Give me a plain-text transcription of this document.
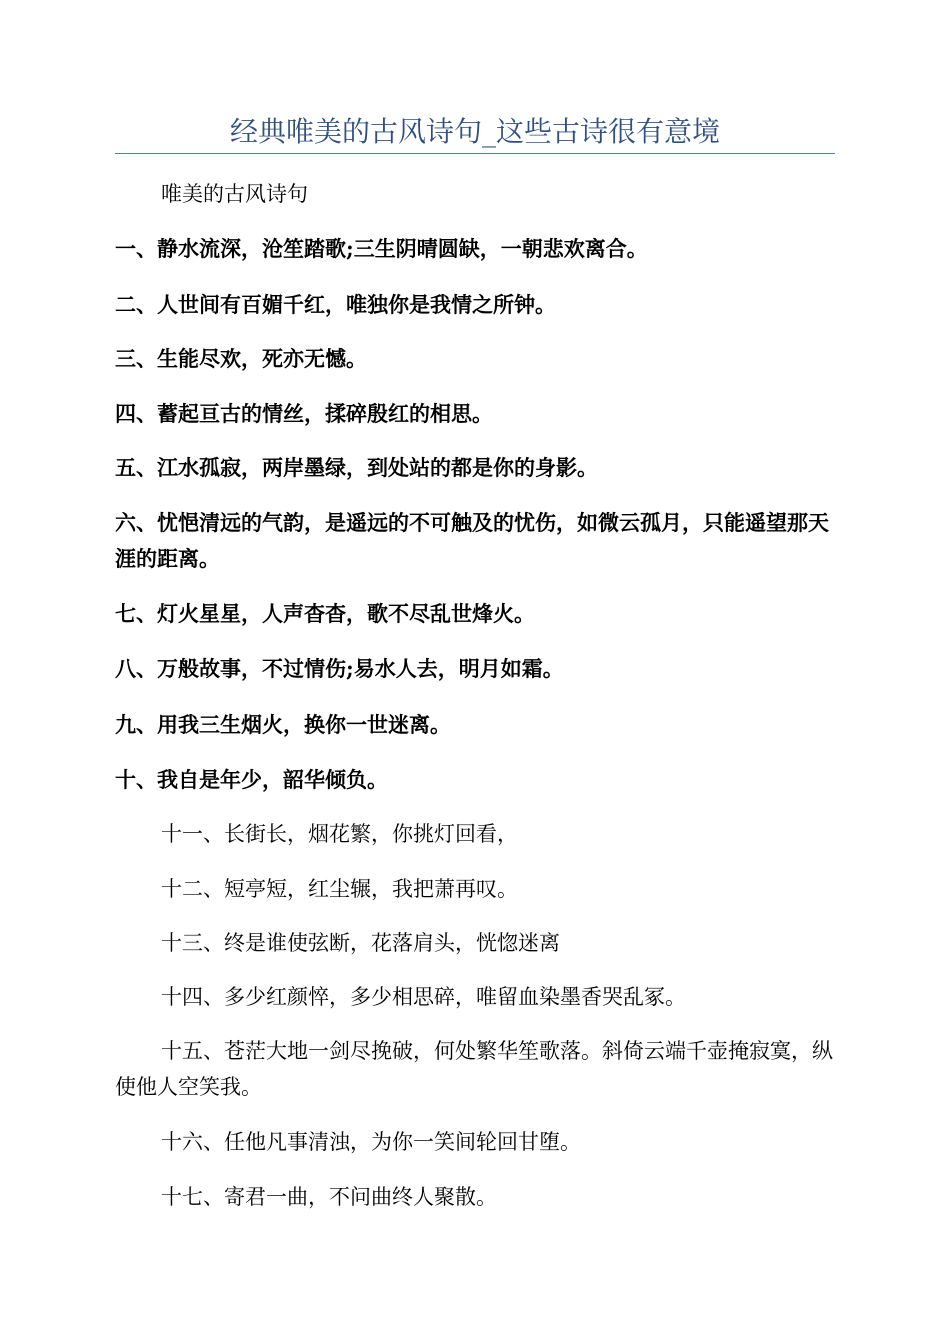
经典唯美的古风诗句_这些古诗很有意境

唯美的古风诗句

一、静水流深，沧笙踏歌;三生阴晴圆缺，一朝悲欢离合。

二、人世间有百媚千红，唯独你是我情之所钟。

三、生能尽欢，死亦无憾。

四、蓄起亘古的情丝，揉碎殷红的相思。

五、江水孤寂，两岸墨绿，到处站的都是你的身影。

六、忧悒清远的气韵，是遥远的不可触及的忧伤，如微云孤月，只能遥望那天涯的距离。

七、灯火星星，人声杳杳，歌不尽乱世烽火。

八、万般故事，不过情伤;易水人去，明月如霜。

九、用我三生烟火，换你一世迷离。

十、我自是年少，韶华倾负。

十一、长街长，烟花繁，你挑灯回看，

十二、短亭短，红尘辗，我把萧再叹。

十三、终是谁使弦断，花落肩头，恍惚迷离

十四、多少红颜悴，多少相思碎，唯留血染墨香哭乱冢。

十五、苍茫大地一剑尽挽破，何处繁华笙歌落。斜倚云端千壶掩寂寞，纵使他人空笑我。

十六、任他凡事清浊，为你一笑间轮回甘堕。

十七、寄君一曲，不问曲终人聚散。
